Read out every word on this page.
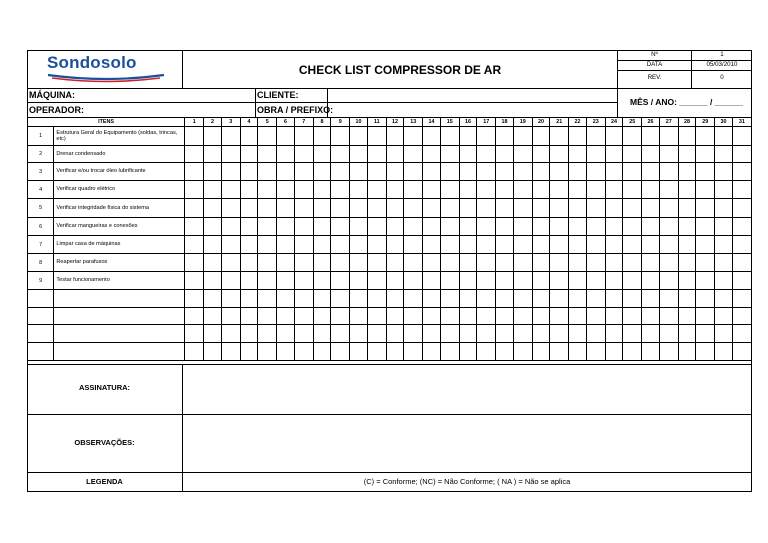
Sondosolo	CHECK LIST COMPRESSOR DE AR
Nº	1
DATA	05/03/2010
REV.	0
MÁQUINA:
OPERADOR:
CLIENTE:
OBRA / PREFIXO:
MÊS / ANO: ______ / ______
ITENS		1	2	3	4	5	6	7	8	9	10	11	12	13	14	15	16	17	18	19	20	21	22	23	24	25	26	27	28	29	30	31
1	Estrutura Geral do Equipamento (soldas, trincas, etc)																															
2	Drenar condensado																															
3	Verificar e/ou trocar óleo lubrificante																															
4	Verificar quadro elétrico																															
5	Verificar integridade física do sistema																															
6	Verificar mangueiras e conexões																															
7	Limpar casa de máquinas																															
8	Reapertar parafusos																															
9	Testar funcionamento																															

ASSINATURA:
OBSERVAÇÕES:
LEGENDA	(C) = Conforme; (NC) = Não Conforme; ( NA ) = Não se aplica
